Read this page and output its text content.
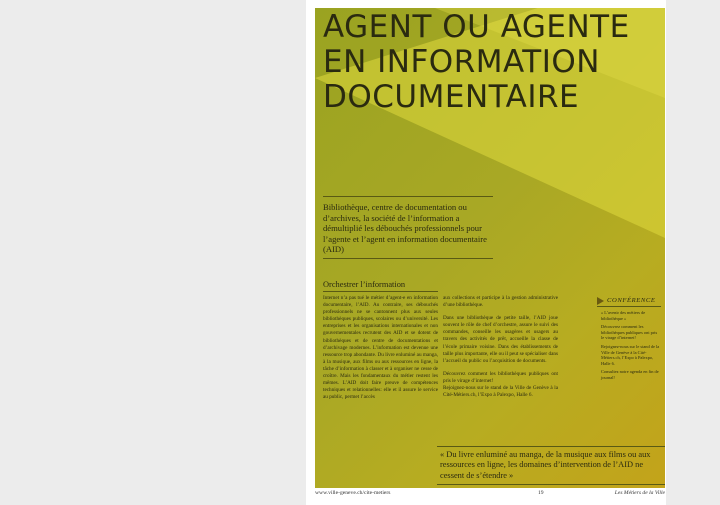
AGENT OU AGENTE
EN INFORMATION
DOCUMENTAIRE
Bibliothèque, centre de documentation ou d’archives, la société de l’information a démultiplié les débouchés professionnels pour l’agente et l’agent en information documentaire (AID)
Orchestrer l’information

Internet n’a pas tué le métier d’agent-e en information documentaire, l’AID. Au contraire, ses débouchés professionnels ne se cantonnent plus aux seules bibliothèques publiques, scolaires ou d’université. Les entreprises et les organisations internationales et non gouvernementales recrutent des AID et se dotent de bibliothèques et de centre de documentations et d’archivage modernes. L’information est devenue une ressource trop abondante. Du livre enluminé au manga, à la musique, aux films ou aux ressources en ligne, la tâche d’information à classer et à organiser ne cesse de croître. Mais les fondamentaux du métier restent les mêmes. L’AID doit faire preuve de compétences techniques et relationnelles: elle et il assure le service au public, permet l’accès

aux collections et participe à la gestion administrative d’une bibliothèque.

Dans une bibliothèque de petite taille, l’AID joue souvent le rôle de chef d’orchestre, assure le suivi des commandes, conseille les usagères et usagers au travers des activités de prêt, accueille la classe de l’école primaire voisine. Dans des établissements de taille plus importante, elle ou il peut se spécialiser dans l’accueil du public ou l’acquisition de documents.

Découvrez comment les bibliothèques publiques ont pris le virage d’internet!
Rejoignez-nous sur le stand de la Ville de Genève à la Cité-Métiers.ch, l’Expo à Palexpo, Halle 6.

CONFÉRENCE

« L’avenir des métiers de bibliothèque »

Découvrez comment les bibliothèques publiques ont pris le virage d’internet!

Rejoignez-nous sur le stand de la Ville de Genève à la Cité-Métiers.ch, l’Expo à Palexpo, Halle 6.

Consultez notre agenda en fin de journal!

« Du livre enluminé au manga, de la musique aux films ou aux ressources en ligne, les domaines d’intervention de l’AID ne cessent de s’étendre »
www.ville-geneve.ch/cite-metiers	19	Les Métiers de la Ville
